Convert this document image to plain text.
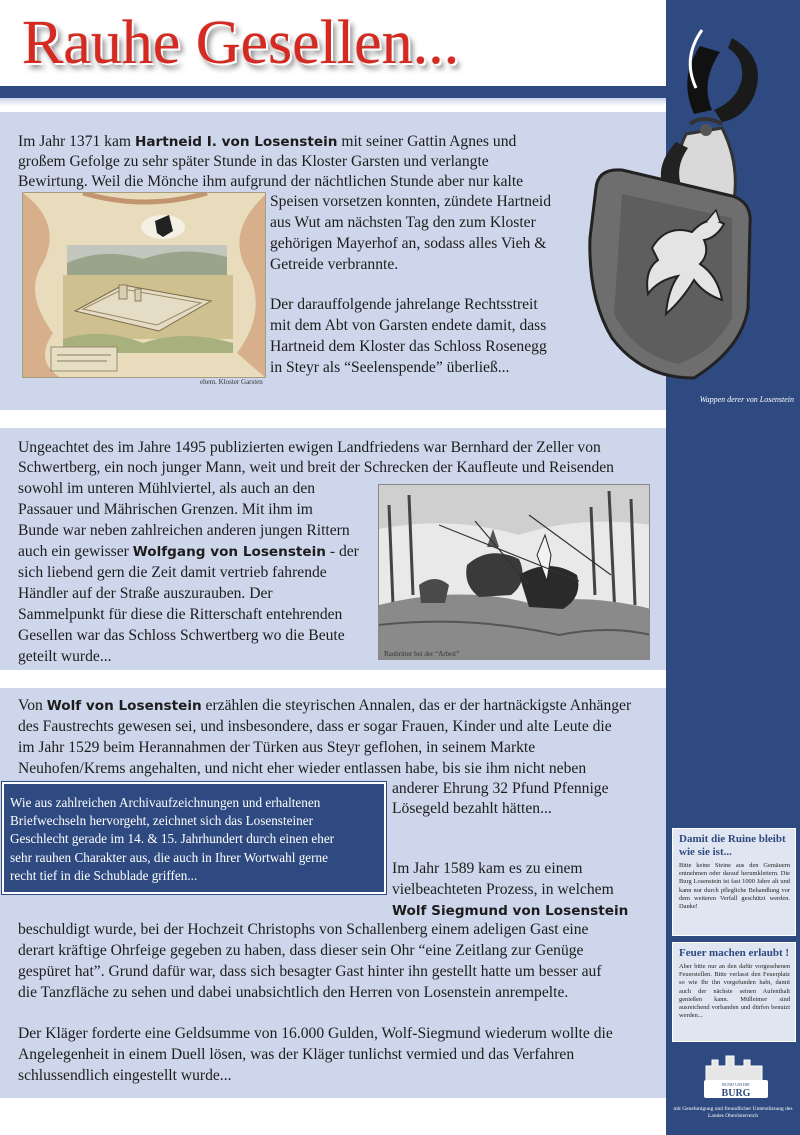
Rauhe Gesellen...
Im Jahr 1371 kam Hartneid I. von Losenstein mit seiner Gattin Agnes und
großem Gefolge zu sehr später Stunde in das Kloster Garsten und verlangte
Bewirtung. Weil die Mönche ihm aufgrund der nächtlichen Stunde aber nur kalte
ehem. Kloster Garsten
Speisen vorsetzen konnten, zündete Hartneid
aus Wut am nächsten Tag den zum Kloster
gehörigen Mayerhof an, sodass alles Vieh &
Getreide verbrannte.
Der darauffolgende jahrelange Rechtsstreit
mit dem Abt von Garsten endete damit, dass
Hartneid dem Kloster das Schloss Rosenegg
in Steyr als “Seelenspende” überließ...
Wappen derer von Losenstein
Ungeachtet des im Jahre 1495 publizierten ewigen Landfriedens war Bernhard der Zeller von
Schwertberg, ein noch junger Mann, weit und breit der Schrecken der Kaufleute und Reisenden
sowohl im unteren Mühlviertel, als auch an den
Passauer und Mährischen Grenzen. Mit ihm im
Bunde war neben zahlreichen anderen jungen Rittern
auch ein gewisser Wolfgang von Losenstein - der
sich liebend gern die Zeit damit vertrieb fahrende
Händler auf der Straße auszurauben. Der
Sammelpunkt für diese die Ritterschaft entehrenden
Gesellen war das Schloss Schwertberg wo die Beute
geteilt wurde...	Raubritter bei der “Arbeit”
Von Wolf von Losenstein erzählen die steyrischen Annalen, das er der hartnäckigste Anhänger
des Faustrechts gewesen sei, und insbesondere, dass er sogar Frauen, Kinder und alte Leute die
im Jahr 1529 beim Herannahmen der Türken aus Steyr geflohen, in seinem Markte
Neuhofen/Krems angehalten, und nicht eher wieder entlassen habe, bis sie ihm nicht neben
anderer Ehrung 32 Pfund Pfennige
Lösegeld bezahlt hätten...
Im Jahr 1589 kam es zu einem
vielbeachteten Prozess, in welchem
Wolf Siegmund von Losenstein
beschuldigt wurde, bei der Hochzeit Christophs von Schallenberg einem adeligen Gast eine
derart kräftige Ohrfeige gegeben zu haben, dass dieser sein Ohr “eine Zeitlang zur Genüge
gespüret hat”. Grund dafür war, dass sich besagter Gast hinter ihn gestellt hatte um besser auf
die Tanzfläche zu sehen und dabei unabsichtlich den Herren von Losenstein anrempelte.
Der Kläger forderte eine Geldsumme von 16.000 Gulden, Wolf-Siegmund wiederum wollte die
Angelegenheit in einem Duell lösen, was der Kläger tunlichst vermied und das Verfahren
schlussendlich eingestellt wurde...
Wie aus zahlreichen Archivaufzeichnungen und erhaltenen
Briefwechseln hervorgeht, zeichnet sich das Losensteiner
Geschlecht gerade im 14. & 15. Jahrhundert durch einen eher
sehr rauhen Charakter aus, die auch in Ihrer Wortwahl gerne
recht tief in die Schublade griffen...
Damit die Ruine bleibt wie sie ist...
Bitte keine Steine aus den Gemäuern entnehmen oder darauf herumklettern. Die Burg Losenstein ist fast 1000 Jahre alt und kann nur durch pflegliche Behandlung vor dem weiteren Verfall geschützt werden. Danke!
Feuer machen erlaubt !
Aber bitte nur an den dafür vorgesehenen Feuerstellen. Bitte verlasst den Feuerplatz so wie Ihr ihn vorgefunden habt, damit auch der nächste seinen Aufenthalt genießen kann. Mülleimer sind ausreichend vorhanden und dürfen benutzt werden...
RUND UM DIE
BURG
mit Genehmigung und freundlicher Unterstützung des Landes Oberösterreich
